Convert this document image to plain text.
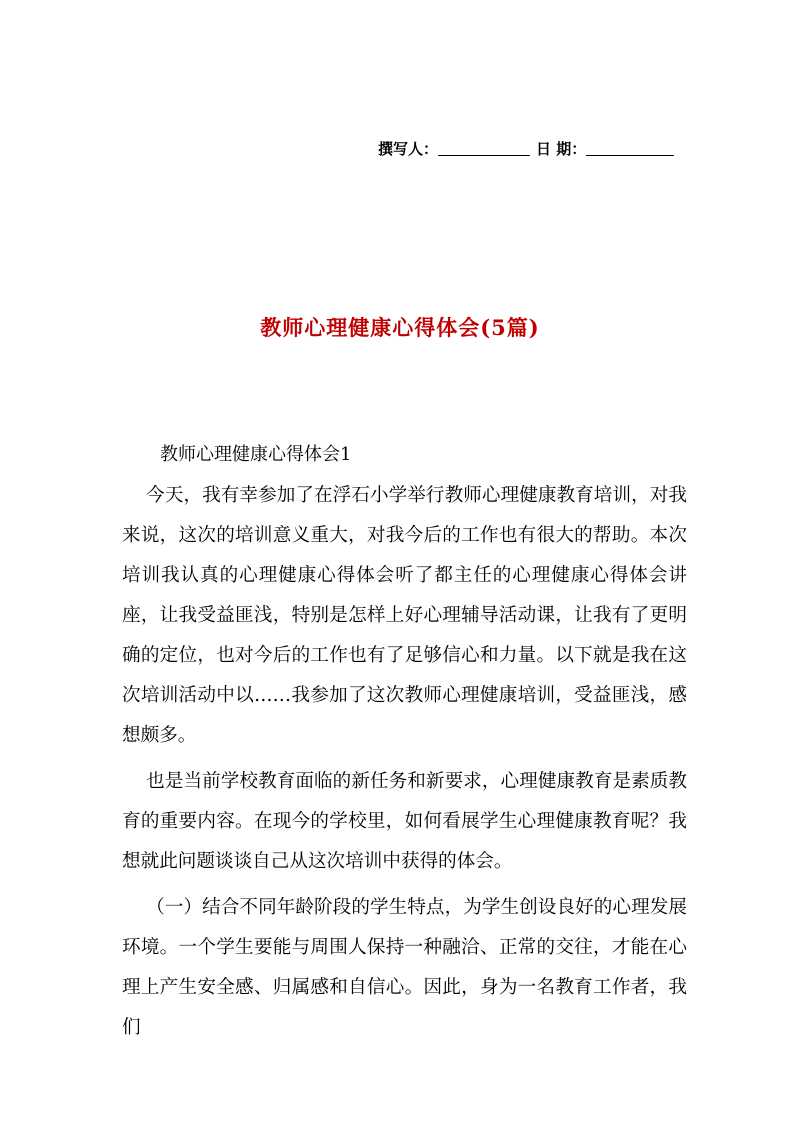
撰写人：	日 期：
教师心理健康心得体会(5篇)
教师心理健康心得体会1

今天，我有幸参加了在浮石小学举行教师心理健康教育培训，对我来说，这次的培训意义重大，对我今后的工作也有很大的帮助。本次培训我认真的心理健康心得体会听了都主任的心理健康心得体会讲座，让我受益匪浅，特别是怎样上好心理辅导活动课，让我有了更明确的定位，也对今后的工作也有了足够信心和力量。以下就是我在这次培训活动中以……我参加了这次教师心理健康培训，受益匪浅，感想颇多。

也是当前学校教育面临的新任务和新要求，心理健康教育是素质教育的重要内容。在现今的学校里，如何看展学生心理健康教育呢？我想就此问题谈谈自己从这次培训中获得的体会。

（一）结合不同年龄阶段的学生特点，为学生创设良好的心理发展环境。一个学生要能与周围人保持一种融洽、正常的交往，才能在心理上产生安全感、归属感和自信心。因此，身为一名教育工作者，我们
